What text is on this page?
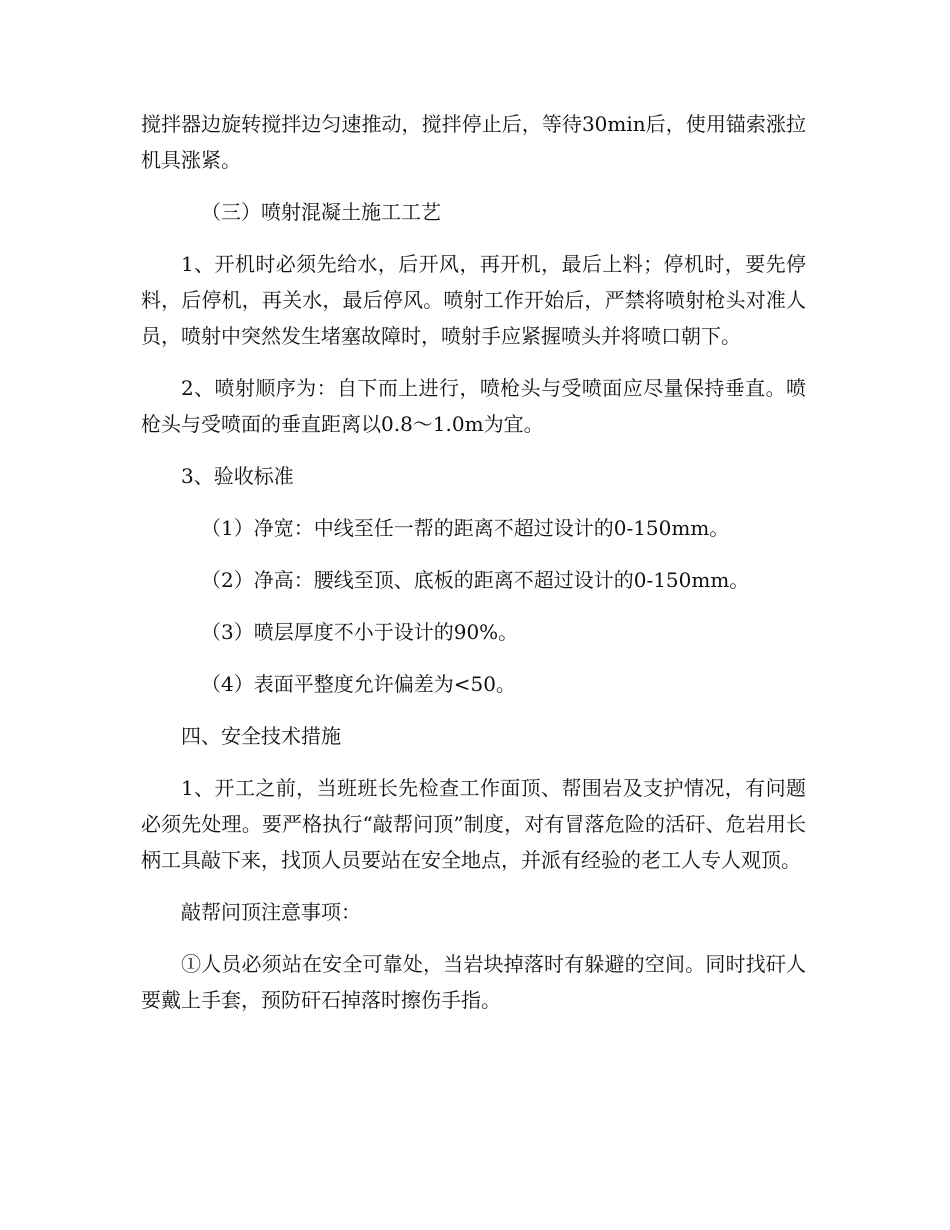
搅拌器边旋转搅拌边匀速推动，搅拌停止后，等待30min后，使用锚索涨拉机具涨紧。

（三）喷射混凝土施工工艺

1、开机时必须先给水，后开风，再开机，最后上料；停机时，要先停料，后停机，再关水，最后停风。喷射工作开始后，严禁将喷射枪头对准人员，喷射中突然发生堵塞故障时，喷射手应紧握喷头并将喷口朝下。

2、喷射顺序为：自下而上进行，喷枪头与受喷面应尽量保持垂直。喷枪头与受喷面的垂直距离以0.8～1.0m为宜。

3、验收标准

（1）净宽：中线至任一帮的距离不超过设计的0-150mm。

（2）净高：腰线至顶、底板的距离不超过设计的0-150mm。

（3）喷层厚度不小于设计的90%。

（4）表面平整度允许偏差为<50。

四、安全技术措施

1、开工之前，当班班长先检查工作面顶、帮围岩及支护情况，有问题必须先处理。要严格执行“敲帮问顶”制度，对有冒落危险的活矸、危岩用长柄工具敲下来，找顶人员要站在安全地点，并派有经验的老工人专人观顶。

敲帮问顶注意事项：

①人员必须站在安全可靠处，当岩块掉落时有躲避的空间。同时找矸人要戴上手套，预防矸石掉落时擦伤手指。
